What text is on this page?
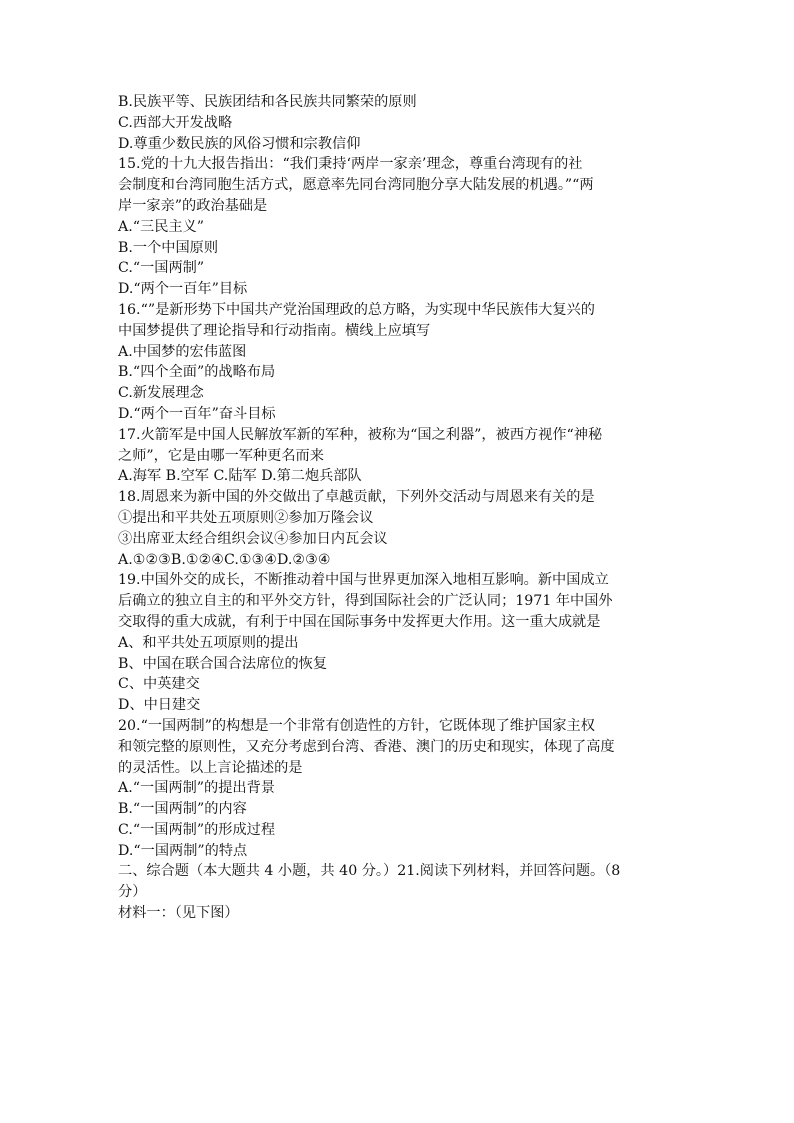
B.民族平等、民族团结和各民族共同繁荣的原则
C.西部大开发战略
D.尊重少数民族的风俗习惯和宗教信仰
15.党的十九大报告指出：“我们秉持‘两岸一家亲’理念，尊重台湾现有的社
会制度和台湾同胞生活方式，愿意率先同台湾同胞分享大陆发展的机遇。”“两
岸一家亲”的政治基础是
A.“三民主义”
B.一个中国原则
C.“一国两制”
D.“两个一百年”目标
16.“”是新形势下中国共产党治国理政的总方略，为实现中华民族伟大复兴的
中国梦提供了理论指导和行动指南。横线上应填写
A.中国梦的宏伟蓝图
B.“四个全面”的战略布局
C.新发展理念
D.“两个一百年”奋斗目标
17.火箭军是中国人民解放军新的军种，被称为“国之利器”，被西方视作“神秘
之师”，它是由哪一军种更名而来
A.海军 B.空军 C.陆军 D.第二炮兵部队
18.周恩来为新中国的外交做出了卓越贡献，下列外交活动与周恩来有关的是
①提出和平共处五项原则②参加万隆会议
③出席亚太经合组织会议④参加日内瓦会议
A.①②③B.①②④C.①③④D.②③④
19.中国外交的成长，不断推动着中国与世界更加深入地相互影响。新中国成立
后确立的独立自主的和平外交方针，得到国际社会的广泛认同；1971 年中国外
交取得的重大成就，有利于中国在国际事务中发挥更大作用。这一重大成就是
A、和平共处五项原则的提出
B、中国在联合国合法席位的恢复
C、中英建交
D、中日建交
20.“一国两制”的构想是一个非常有创造性的方针，它既体现了维护国家主权
和领完整的原则性，又充分考虑到台湾、香港、澳门的历史和现实，体现了高度
的灵活性。以上言论描述的是
A.“一国两制”的提出背景
B.“一国两制”的内容
C.“一国两制”的形成过程
D.“一国两制”的特点
二、综合题（本大题共 4 小题，共 40 分。）21.阅读下列材料，并回答问题。（8
分）
材料一：（见下图）
